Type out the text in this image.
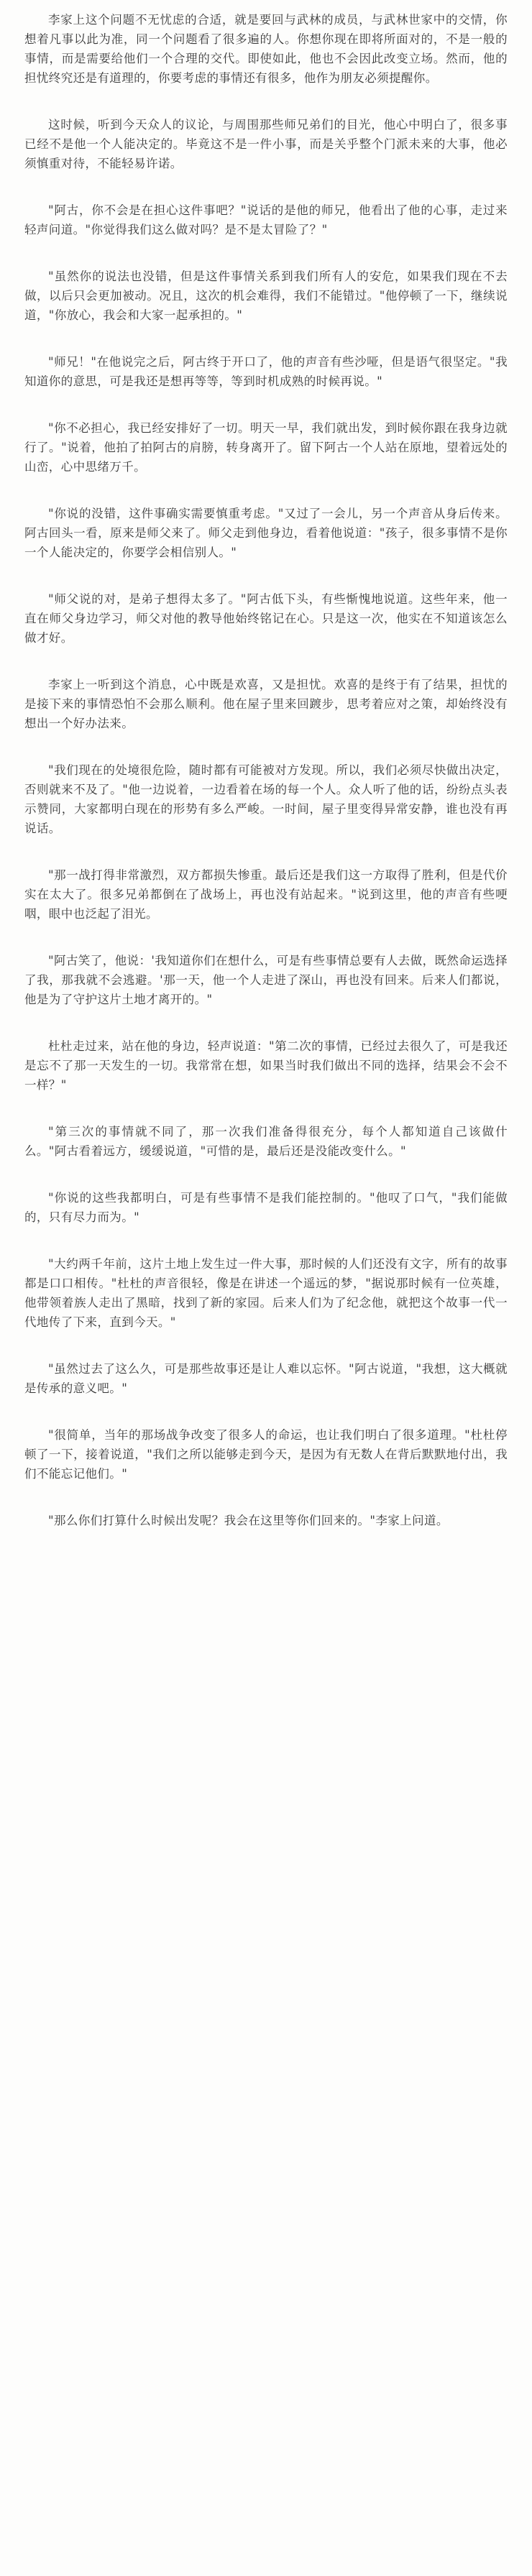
李家上这个问题不无忧虑的合适，就是要回与武林的成员，与武林世家中的交情，你想着凡事以此为准，同一个问题看了很多遍的人。你想你现在即将所面对的，不是一般的事情，而是需要给他们一个合理的交代。即使如此，他也不会因此改变立场。然而，他的担忧终究还是有道理的，你要考虑的事情还有很多，他作为朋友必须提醒你。

这时候，听到今天众人的议论，与周围那些师兄弟们的目光，他心中明白了，很多事已经不是他一个人能决定的。毕竟这不是一件小事，而是关乎整个门派未来的大事，他必须慎重对待，不能轻易许诺。

"阿古，你不会是在担心这件事吧？"说话的是他的师兄，他看出了他的心事，走过来轻声问道。"你觉得我们这么做对吗？是不是太冒险了？"

"虽然你的说法也没错，但是这件事情关系到我们所有人的安危，如果我们现在不去做，以后只会更加被动。况且，这次的机会难得，我们不能错过。"他停顿了一下，继续说道，"你放心，我会和大家一起承担的。"

"师兄！"在他说完之后，阿古终于开口了，他的声音有些沙哑，但是语气很坚定。"我知道你的意思，可是我还是想再等等，等到时机成熟的时候再说。"

"你不必担心，我已经安排好了一切。明天一早，我们就出发，到时候你跟在我身边就行了。"说着，他拍了拍阿古的肩膀，转身离开了。留下阿古一个人站在原地，望着远处的山峦，心中思绪万千。

"你说的没错，这件事确实需要慎重考虑。"又过了一会儿，另一个声音从身后传来。阿古回头一看，原来是师父来了。师父走到他身边，看着他说道："孩子，很多事情不是你一个人能决定的，你要学会相信别人。"

"师父说的对，是弟子想得太多了。"阿古低下头，有些惭愧地说道。这些年来，他一直在师父身边学习，师父对他的教导他始终铭记在心。只是这一次，他实在不知道该怎么做才好。

李家上一听到这个消息，心中既是欢喜，又是担忧。欢喜的是终于有了结果，担忧的是接下来的事情恐怕不会那么顺利。他在屋子里来回踱步，思考着应对之策，却始终没有想出一个好办法来。

"我们现在的处境很危险，随时都有可能被对方发现。所以，我们必须尽快做出决定，否则就来不及了。"他一边说着，一边看着在场的每一个人。众人听了他的话，纷纷点头表示赞同，大家都明白现在的形势有多么严峻。一时间，屋子里变得异常安静，谁也没有再说话。

"那一战打得非常激烈，双方都损失惨重。最后还是我们这一方取得了胜利，但是代价实在太大了。很多兄弟都倒在了战场上，再也没有站起来。"说到这里，他的声音有些哽咽，眼中也泛起了泪光。

"阿古笑了，他说：'我知道你们在想什么，可是有些事情总要有人去做，既然命运选择了我，那我就不会逃避。'那一天，他一个人走进了深山，再也没有回来。后来人们都说，他是为了守护这片土地才离开的。"

杜杜走过来，站在他的身边，轻声说道："第二次的事情，已经过去很久了，可是我还是忘不了那一天发生的一切。我常常在想，如果当时我们做出不同的选择，结果会不会不一样？"

"第三次的事情就不同了，那一次我们准备得很充分，每个人都知道自己该做什么。"阿古看着远方，缓缓说道，"可惜的是，最后还是没能改变什么。"

"你说的这些我都明白，可是有些事情不是我们能控制的。"他叹了口气，"我们能做的，只有尽力而为。"

"大约两千年前，这片土地上发生过一件大事，那时候的人们还没有文字，所有的故事都是口口相传。"杜杜的声音很轻，像是在讲述一个遥远的梦，"据说那时候有一位英雄，他带领着族人走出了黑暗，找到了新的家园。后来人们为了纪念他，就把这个故事一代一代地传了下来，直到今天。"

"虽然过去了这么久，可是那些故事还是让人难以忘怀。"阿古说道，"我想，这大概就是传承的意义吧。"

"很简单，当年的那场战争改变了很多人的命运，也让我们明白了很多道理。"杜杜停顿了一下，接着说道，"我们之所以能够走到今天，是因为有无数人在背后默默地付出，我们不能忘记他们。"

"那么你们打算什么时候出发呢？我会在这里等你们回来的。"李家上问道。
